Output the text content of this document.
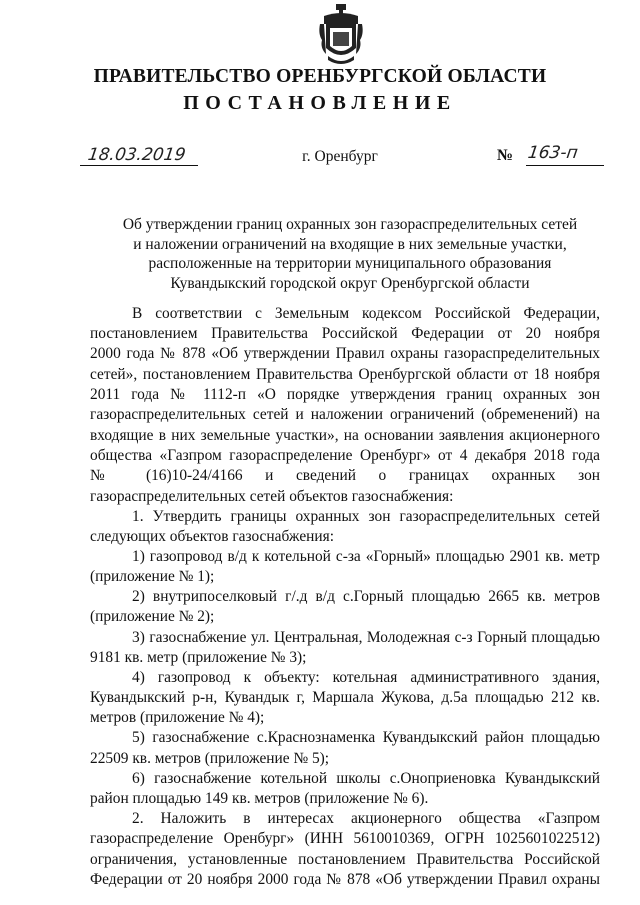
ПРАВИТЕЛЬСТВО ОРЕНБУРГСКОЙ ОБЛАСТИ
ПОСТАНОВЛЕНИЕ
18.03.2019	г. Оренбург	№ 163-п
Об утверждении границ охранных зон газораспределительных сетей
и наложении ограничений на входящие в них земельные участки,
расположенные на территории муниципального образования
Кувандыкский городской округ Оренбургской области
В соответствии с Земельным кодексом Российской Федерации,
постановлением Правительства Российской Федерации от 20 ноября
2000 года № 878 «Об утверждении Правил охраны газораспределительных
сетей», постановлением Правительства Оренбургской области от 18 ноября
2011 года № 1112-п «О порядке утверждения границ охранных зон
газораспределительных сетей и наложении ограничений (обременений) на
входящие в них земельные участки», на основании заявления акционерного
общества «Газпром газораспределение Оренбург» от 4 декабря 2018 года
№ (16)10-24/4166 и сведений о границах охранных зон
газораспределительных сетей объектов газоснабжения:
1. Утвердить границы охранных зон газораспределительных сетей
следующих объектов газоснабжения:
1) газопровод в/д к котельной с-за «Горный» площадью 2901 кв. метр
(приложение № 1);
2) внутрипоселковый г/.д в/д с.Горный площадью 2665 кв. метров
(приложение № 2);
3) газоснабжение ул. Центральная, Молодежная с-з Горный площадью
9181 кв. метр (приложение № 3);
4) газопровод к объекту: котельная административного здания,
Кувандыкский р-н, Кувандык г, Маршала Жукова, д.5а площадью 212 кв.
метров (приложение № 4);
5) газоснабжение с.Краснознаменка Кувандыкский район площадью
22509 кв. метров (приложение № 5);
6) газоснабжение котельной школы с.Оноприеновка Кувандыкский
район площадью 149 кв. метров (приложение № 6).
2. Наложить в интересах акционерного общества «Газпром
газораспределение Оренбург» (ИНН 5610010369, ОГРН 1025601022512)
ограничения, установленные постановлением Правительства Российской
Федерации от 20 ноября 2000 года № 878 «Об утверждении Правил охраны
